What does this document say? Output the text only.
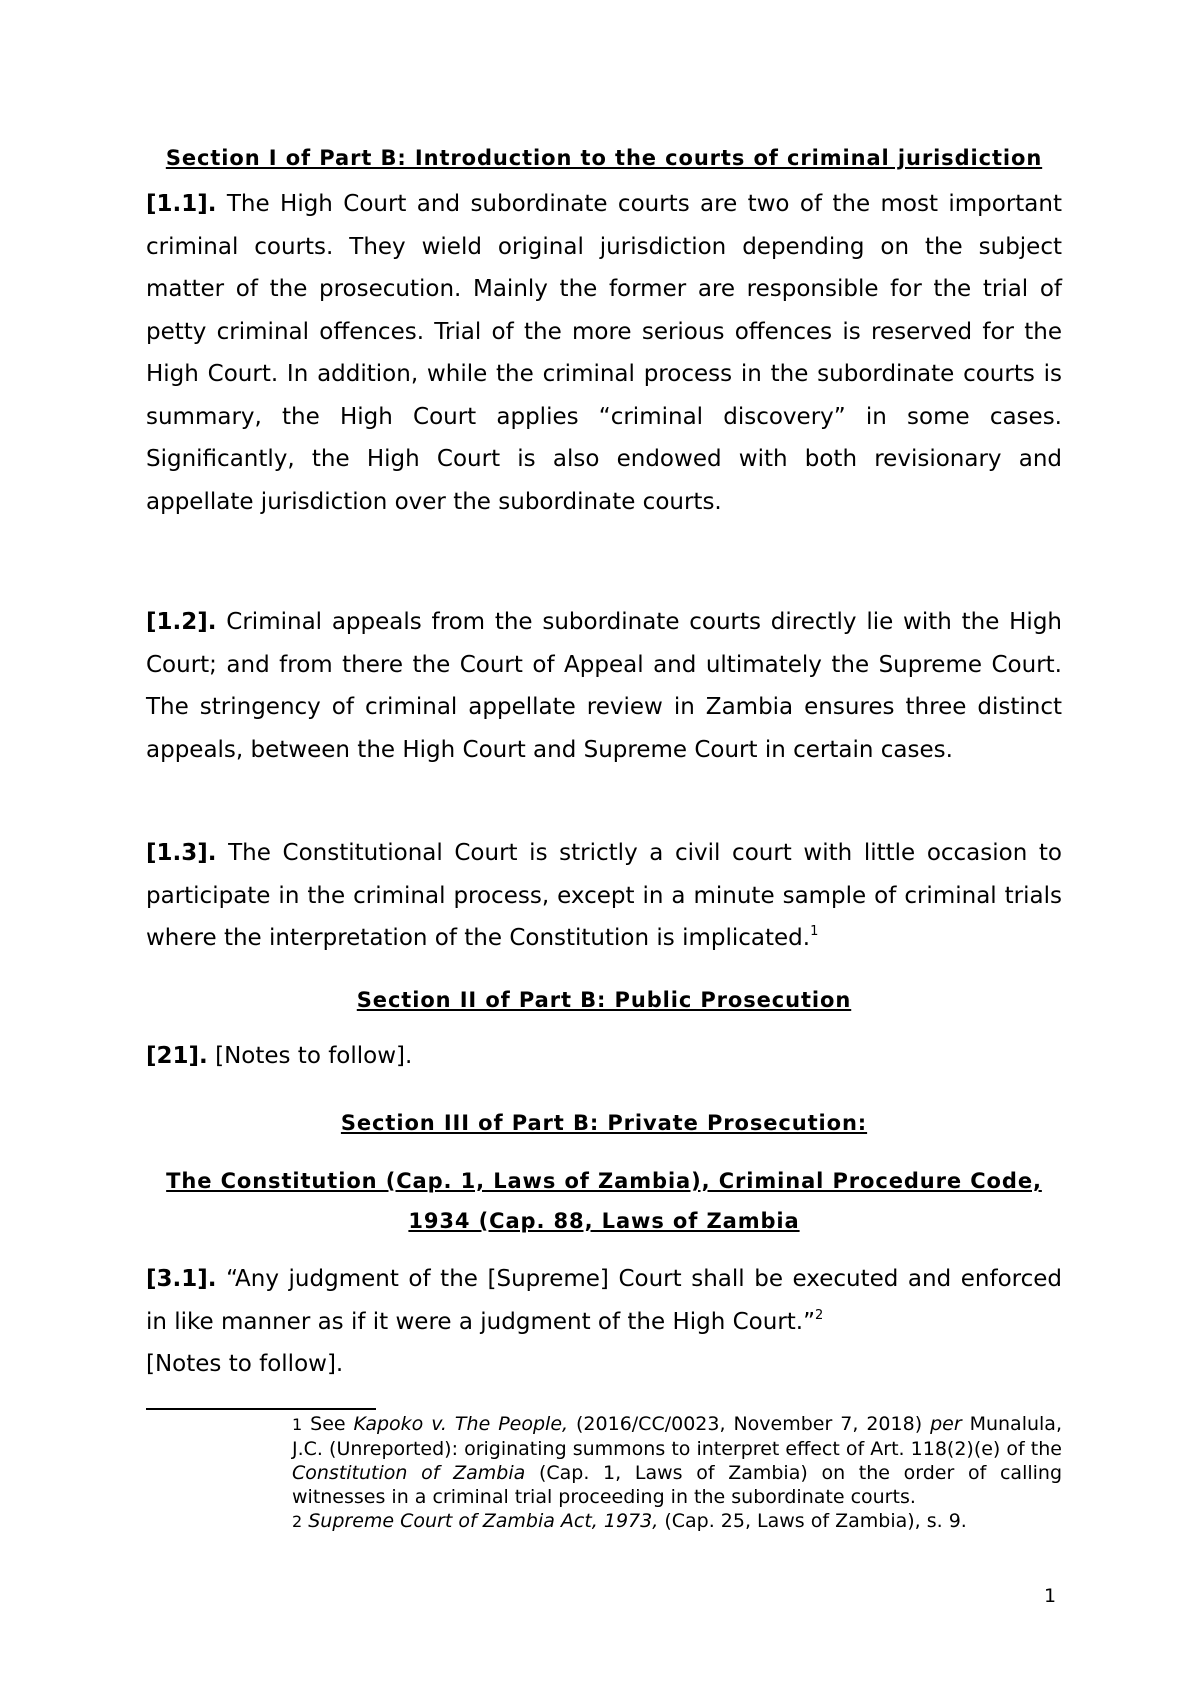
Section I of Part B: Introduction to the courts of criminal jurisdiction

[1.1]. The High Court and subordinate courts are two of the most important criminal courts. They wield original jurisdiction depending on the subject matter of the prosecution. Mainly the former are responsible for the trial of petty criminal offences. Trial of the more serious offences is reserved for the High Court. In addition, while the criminal process in the subordinate courts is summary, the High Court applies “criminal discovery” in some cases. Significantly, the High Court is also endowed with both revisionary and appellate jurisdiction over the subordinate courts.

[1.2]. Criminal appeals from the subordinate courts directly lie with the High Court; and from there the Court of Appeal and ultimately the Supreme Court. The stringency of criminal appellate review in Zambia ensures three distinct appeals, between the High Court and Supreme Court in certain cases.

[1.3]. The Constitutional Court is strictly a civil court with little occasion to participate in the criminal process, except in a minute sample of criminal trials where the interpretation of the Constitution is implicated.$^1$

Section II of Part B: Public Prosecution

[21]. [Notes to follow].

Section III of Part B: Private Prosecution:
The Constitution (Cap. 1, Laws of Zambia), Criminal Procedure Code,
1934 (Cap. 88, Laws of Zambia

[3.1]. “Any judgment of the [Supreme] Court shall be executed and enforced in like manner as if it were a judgment of the High Court.”$^2$
[Notes to follow].

1 See Kapoko v. The People, (2016/CC/0023, November 7, 2018) per Munalula, J.C. (Unreported): originating summons to interpret effect of Art. 118(2)(e) of the Constitution of Zambia (Cap. 1, Laws of Zambia) on the order of calling witnesses in a criminal trial proceeding in the subordinate courts.

2 Supreme Court of Zambia Act, 1973, (Cap. 25, Laws of Zambia), s. 9.

1
